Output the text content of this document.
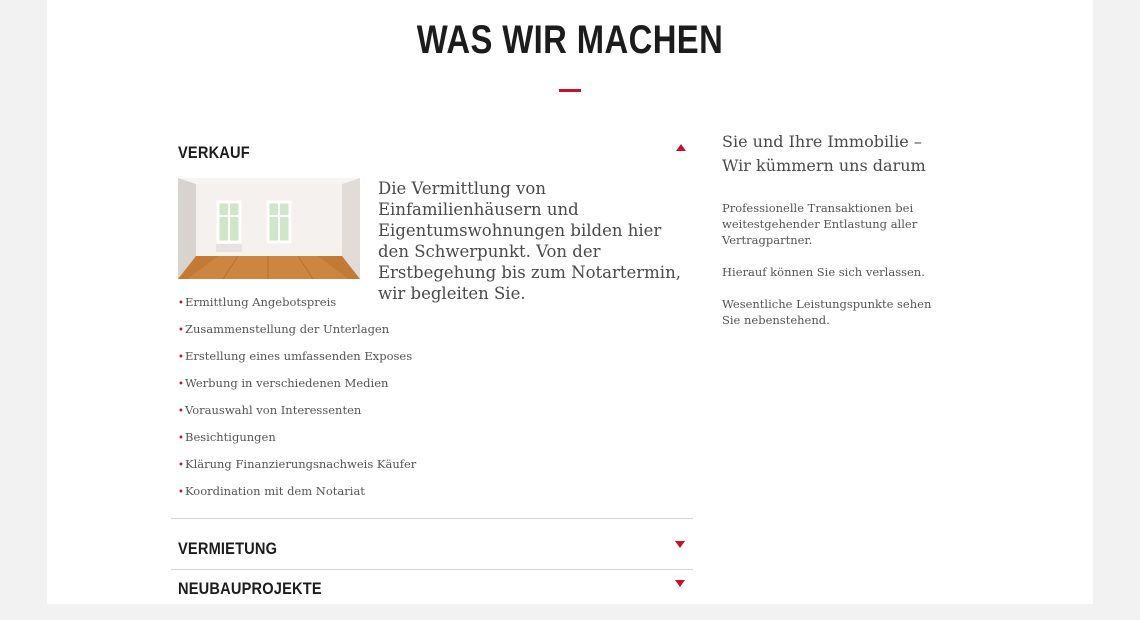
WAS WIR MACHEN
VERKAUF
Die Vermittlung von Einfamilienhäusern und Eigentumswohnungen bilden hier den Schwerpunkt. Von der Erstbegehung bis zum Notartermin, wir begleiten Sie.
• Ermittlung Angebotspreis
• Zusammenstellung der Unterlagen
• Erstellung eines umfassenden Exposes
• Werbung in verschiedenen Medien
• Vorauswahl von Interessenten
• Besichtigungen
• Klärung Finanzierungsnachweis Käufer
• Koordination mit dem Notariat
VERMIETUNG
NEUBAUPROJEKTE
Sie und Ihre Immobilie –
Wir kümmern uns darum

Professionelle Transaktionen bei weitestgehender Entlastung aller Vertragpartner.

Hierauf können Sie sich verlassen.

Wesentliche Leistungspunkte sehen Sie nebenstehend.
